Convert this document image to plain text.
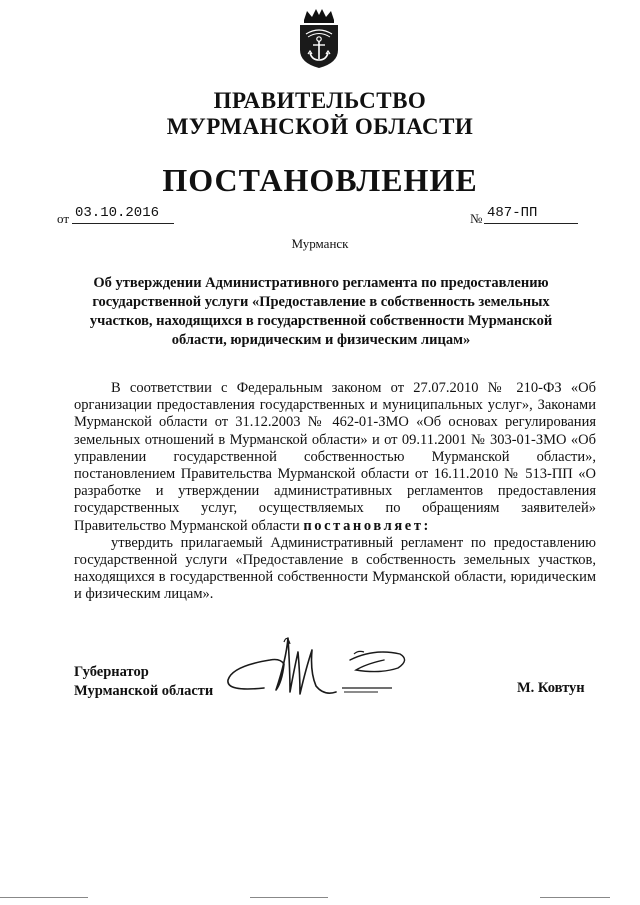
ПРАВИТЕЛЬСТВО
МУРМАНСКОЙ ОБЛАСТИ
ПОСТАНОВЛЕНИЕ
от 03.10.2016	№ 487-ПП
Мурманск
Об утверждении Административного регламента по предоставлению государственной услуги «Предоставление в собственность земельных участков, находящихся в государственной собственности Мурманской области, юридическим и физическим лицам»

В соответствии с Федеральным законом от 27.07.2010 № 210-ФЗ «Об организации предоставления государственных и муниципальных услуг», Законами Мурманской области от 31.12.2003 № 462-01-ЗМО «Об основах регулирования земельных отношений в Мурманской области» и от 09.11.2001 № 303-01-ЗМО «Об управлении государственной собственностью Мурманской области», постановлением Правительства Мурманской области от 16.11.2010 № 513-ПП «О разработке и утверждении административных регламентов предоставления государственных услуг, осуществляемых по обращениям заявителей» Правительство Мурманской области постановляет:

утвердить прилагаемый Административный регламент по предоставлению государственной услуги «Предоставление в собственность земельных участков, находящихся в государственной собственности Мурманской области, юридическим и физическим лицам».

Губернатор
Мурманской области	М. Ковтун
